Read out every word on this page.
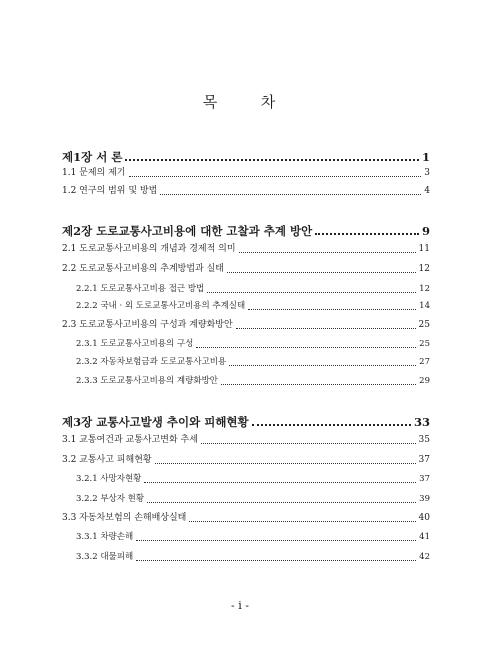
목	차
제1장 서 론	1
1.1 문제의 제기	3
1.2 연구의 범위 및 방법	4
제2장 도로교통사고비용에 대한 고찰과 추계 방안	9
2.1 도로교통사고비용의 개념과 경제적 의미	11
2.2 도로교통사고비용의 추계방법과 실태	12
2.2.1 도로교통사고비용 접근 방법	12
2.2.2 국내 · 외 도로교통사고비용의 추계실태	14
2.3 도로교통사고비용의 구성과 계량화방안	25
2.3.1 도로교통사고비용의 구성	25
2.3.2 자동차보험금과 도로교통사고비용	27
2.3.3 도로교통사고비용의 계량화방안	29
제3장 교통사고발생 추이와 피해현황	33
3.1 교통여건과 교통사고변화 추세	35
3.2 교통사고 피해현황	37
3.2.1 사망자현황	37
3.2.2 부상자 현황	39
3.3 자동차보험의 손해배상실태	40
3.3.1 차량손해	41
3.3.2 대물피해	42
- i -
